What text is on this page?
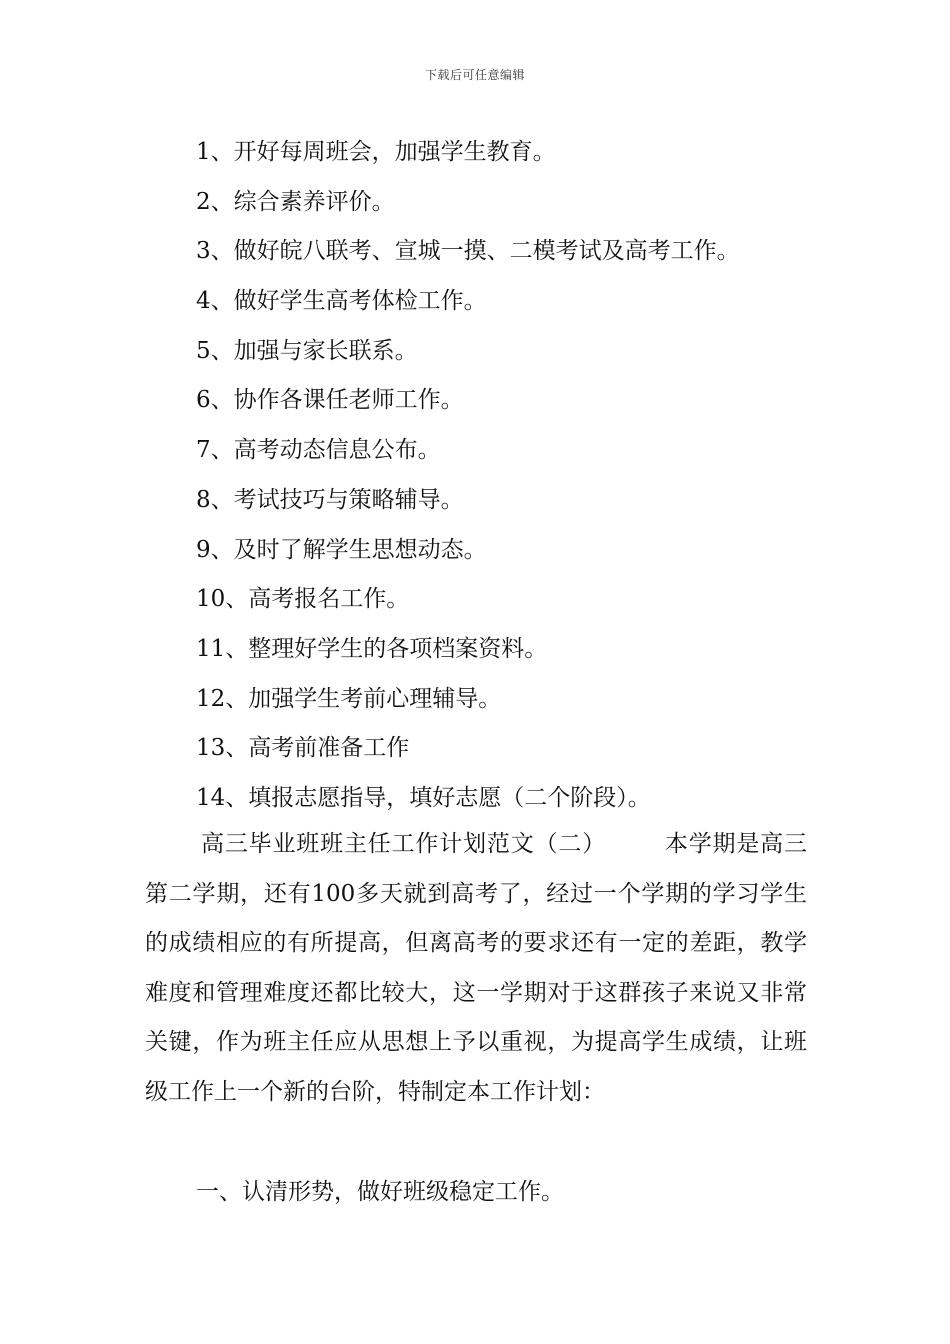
下载后可任意编辑
1、开好每周班会，加强学生教育。
2、综合素养评价。
3、做好皖八联考、宣城一摸、二模考试及高考工作。
4、做好学生高考体检工作。
5、加强与家长联系。
6、协作各课任老师工作。
7、高考动态信息公布。
8、考试技巧与策略辅导。
9、及时了解学生思想动态。
10、高考报名工作。
11、整理好学生的各项档案资料。
12、加强学生考前心理辅导。
13、高考前准备工作
14、填报志愿指导，填好志愿（二个阶段）。

高三毕业班班主任工作计划范文（二）	本学期是高三第二学期，还有100多天就到高考了，经过一个学期的学习学生的成绩相应的有所提高，但离高考的要求还有一定的差距，教学难度和管理难度还都比较大，这一学期对于这群孩子来说又非常关键，作为班主任应从思想上予以重视，为提高学生成绩，让班级工作上一个新的台阶，特制定本工作计划：

一、认清形势，做好班级稳定工作。
